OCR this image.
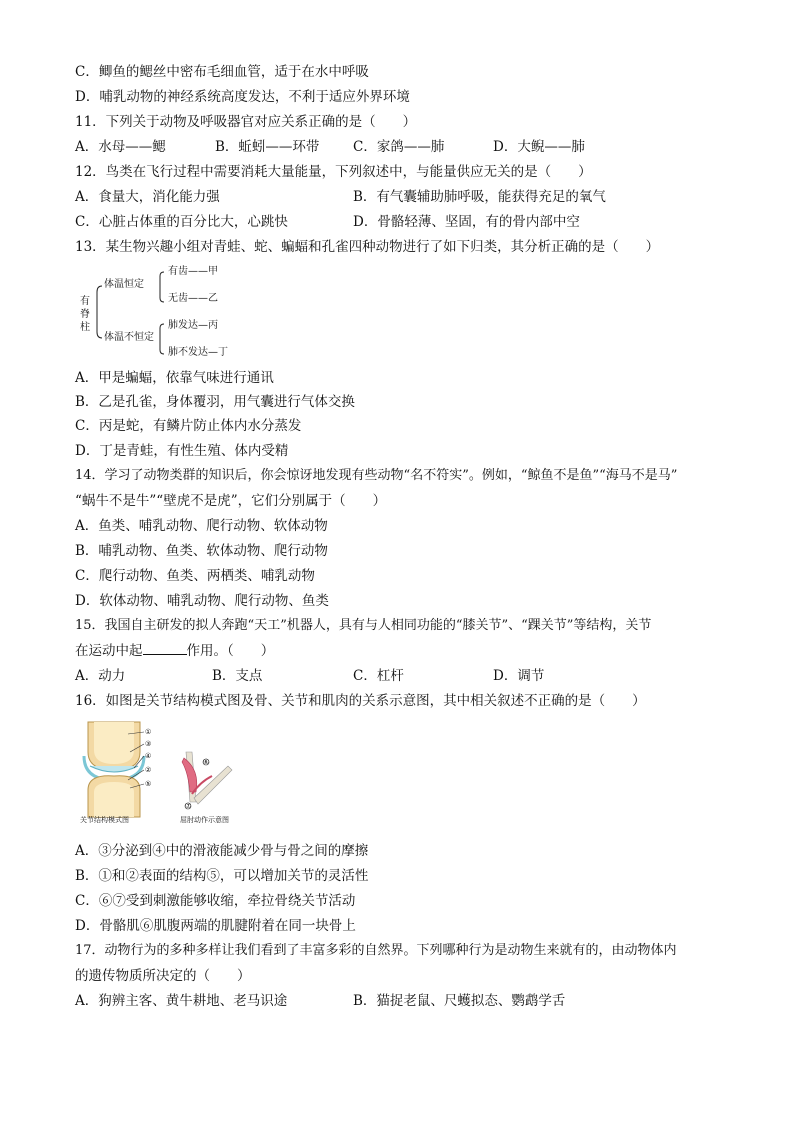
C．鲫鱼的鳃丝中密布毛细血管，适于在水中呼吸
D．哺乳动物的神经系统高度发达，不利于适应外界环境
11．下列关于动物及呼吸器官对应关系正确的是（　　）
A．水母——鳃	B．蚯蚓——环带 C．家鸽——肺	D．大鲵——肺
12．鸟类在飞行过程中需要消耗大量能量，下列叙述中，与能量供应无关的是（　　）
A．食量大，消化能力强	B．有气囊辅助肺呼吸，能获得充足的氧气
C．心脏占体重的百分比大，心跳快	D．骨骼轻薄、坚固，有的骨内部中空
13．某生物兴趣小组对青蛙、蛇、蝙蝠和孔雀四种动物进行了如下归类，其分析正确的是（　　）
有
脊
柱
体温恒定
体温不恒定
有齿——甲
无齿——乙
肺发达—丙
肺不发达—丁
A．甲是蝙蝠，依靠气味进行通讯
B．乙是孔雀，身体覆羽，用气囊进行气体交换
C．丙是蛇，有鳞片防止体内水分蒸发
D．丁是青蛙，有性生殖、体内受精
14．学习了动物类群的知识后，你会惊讶地发现有些动物“名不符实”。例如，“鲸鱼不是鱼”“海马不是马”
“蜗牛不是牛”“壁虎不是虎”，它们分别属于（　　）
A．鱼类、哺乳动物、爬行动物、软体动物
B．哺乳动物、鱼类、软体动物、爬行动物
C．爬行动物、鱼类、两栖类、哺乳动物
D．软体动物、哺乳动物、爬行动物、鱼类
15．我国自主研发的拟人奔跑“天工”机器人，具有与人相同功能的“膝关节”、“踝关节”等结构，关节
在运动中起	作用。（　　）
A．动力	B．支点	C．杠杆	D．调节
16．如图是关节结构模式图及骨、关节和肌肉的关系示意图，其中相关叙述不正确的是（　　）
①
③
④
②
⑤
⑥
⑦
关节结构模式图	屈肘动作示意图
A．③分泌到④中的滑液能减少骨与骨之间的摩擦
B．①和②表面的结构⑤，可以增加关节的灵活性
C．⑥⑦受到刺激能够收缩，牵拉骨绕关节活动
D．骨骼肌⑥肌腹两端的肌腱附着在同一块骨上
17．动物行为的多种多样让我们看到了丰富多彩的自然界。下列哪种行为是动物生来就有的，由动物体内
的遗传物质所决定的（　　）
A．狗辨主客、黄牛耕地、老马识途	B．猫捉老鼠、尺蠖拟态、鹦鹉学舌
